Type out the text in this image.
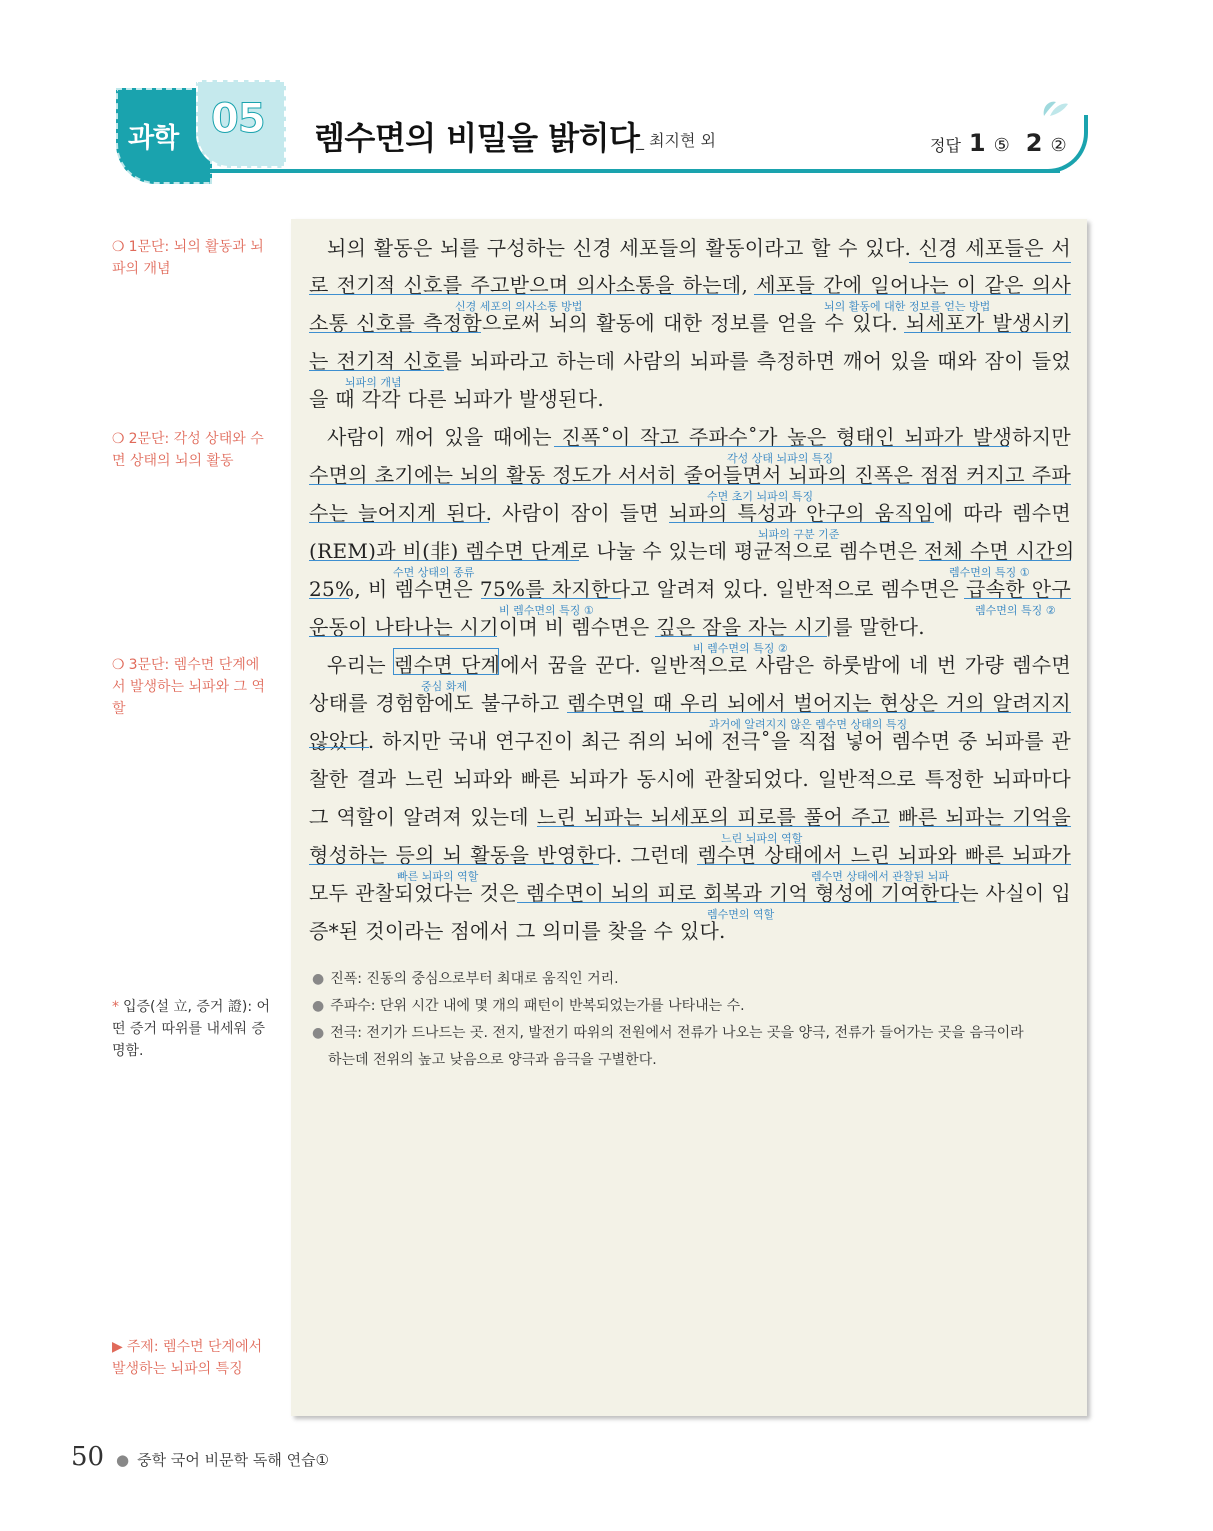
과학 05 렘수면의 비밀을 밝히다
_ 최지현 외	정답 1 ⑤ 2 ②
❍ 1문단: 뇌의 활동과 뇌파의 개념
❍ 2문단: 각성 상태와 수면 상태의 뇌의 활동
❍ 3문단: 렘수면 단계에서 발생하는 뇌파와 그 역할
* 입증(설 立, 증거 證): 어떤 증거 따위를 내세워 증명함.
▶ 주제: 렘수면 단계에서 발생하는 뇌파의 특징
뇌의 활동은 뇌를 구성하는 신경 세포들의 활동이라고 할 수 있다. 신경 세포들은 서
로 전기적 신호를 주고받으며 의사소통을 하는데, 세포들 간에 일어나는 이 같은 의사
소통 신호를 측정함으로써 뇌의 활동에 대한 정보를 얻을 수 있다. 뇌세포가 발생시키
는 전기적 신호를 뇌파라고 하는데 사람의 뇌파를 측정하면 깨어 있을 때와 잠이 들었
을 때 각각 다른 뇌파가 발생된다.
사람이 깨어 있을 때에는 진폭˚이 작고 주파수˚가 높은 형태인 뇌파가 발생하지만
수면의 초기에는 뇌의 활동 정도가 서서히 줄어들면서 뇌파의 진폭은 점점 커지고 주파
수는 늘어지게 된다. 사람이 잠이 들면 뇌파의 특성과 안구의 움직임에 따라 렘수면
(REM)과 비(非) 렘수면 단계로 나눌 수 있는데 평균적으로 렘수면은 전체 수면 시간의
25%, 비 렘수면은 75%를 차지한다고 알려져 있다. 일반적으로 렘수면은 급속한 안구
운동이 나타나는 시기이며 비 렘수면은 깊은 잠을 자는 시기를 말한다.
우리는 렘수면 단계에서 꿈을 꾼다. 일반적으로 사람은 하룻밤에 네 번 가량 렘수면
상태를 경험함에도 불구하고 렘수면일 때 우리 뇌에서 벌어지는 현상은 거의 알려지지
않았다. 하지만 국내 연구진이 최근 쥐의 뇌에 전극˚을 직접 넣어 렘수면 중 뇌파를 관
찰한 결과 느린 뇌파와 빠른 뇌파가 동시에 관찰되었다. 일반적으로 특정한 뇌파마다
그 역할이 알려져 있는데 느린 뇌파는 뇌세포의 피로를 풀어 주고 빠른 뇌파는 기억을
형성하는 등의 뇌 활동을 반영한다. 그런데 렘수면 상태에서 느린 뇌파와 빠른 뇌파가
모두 관찰되었다는 것은 렘수면이 뇌의 피로 회복과 기억 형성에 기여한다는 사실이 입
증*된 것이라는 점에서 그 의미를 찾을 수 있다.
신경 세포의 의사소통 방법	뇌의 활동에 대한 정보를 얻는 방법
뇌파의 개념
각성 상태 뇌파의 특징
수면 초기 뇌파의 특징
뇌파의 구분 기준
수면 상태의 종류	렘수면의 특징 ①
비 렘수면의 특징 ①	렘수면의 특징 ②
비 렘수면의 특징 ②
중심 화제
과거에 알려지지 않은 렘수면 상태의 특징
느린 뇌파의 역할
빠른 뇌파의 역할	렘수면 상태에서 관찰된 뇌파
렘수면의 역할
● 진폭: 진동의 중심으로부터 최대로 움직인 거리.
● 주파수: 단위 시간 내에 몇 개의 패턴이 반복되었는가를 나타내는 수.
● 전극: 전기가 드나드는 곳. 전지, 발전기 따위의 전원에서 전류가 나오는 곳을 양극, 전류가 들어가는 곳을 음극이라
하는데 전위의 높고 낮음으로 양극과 음극을 구별한다.
50 ● 중학 국어 비문학 독해 연습①
